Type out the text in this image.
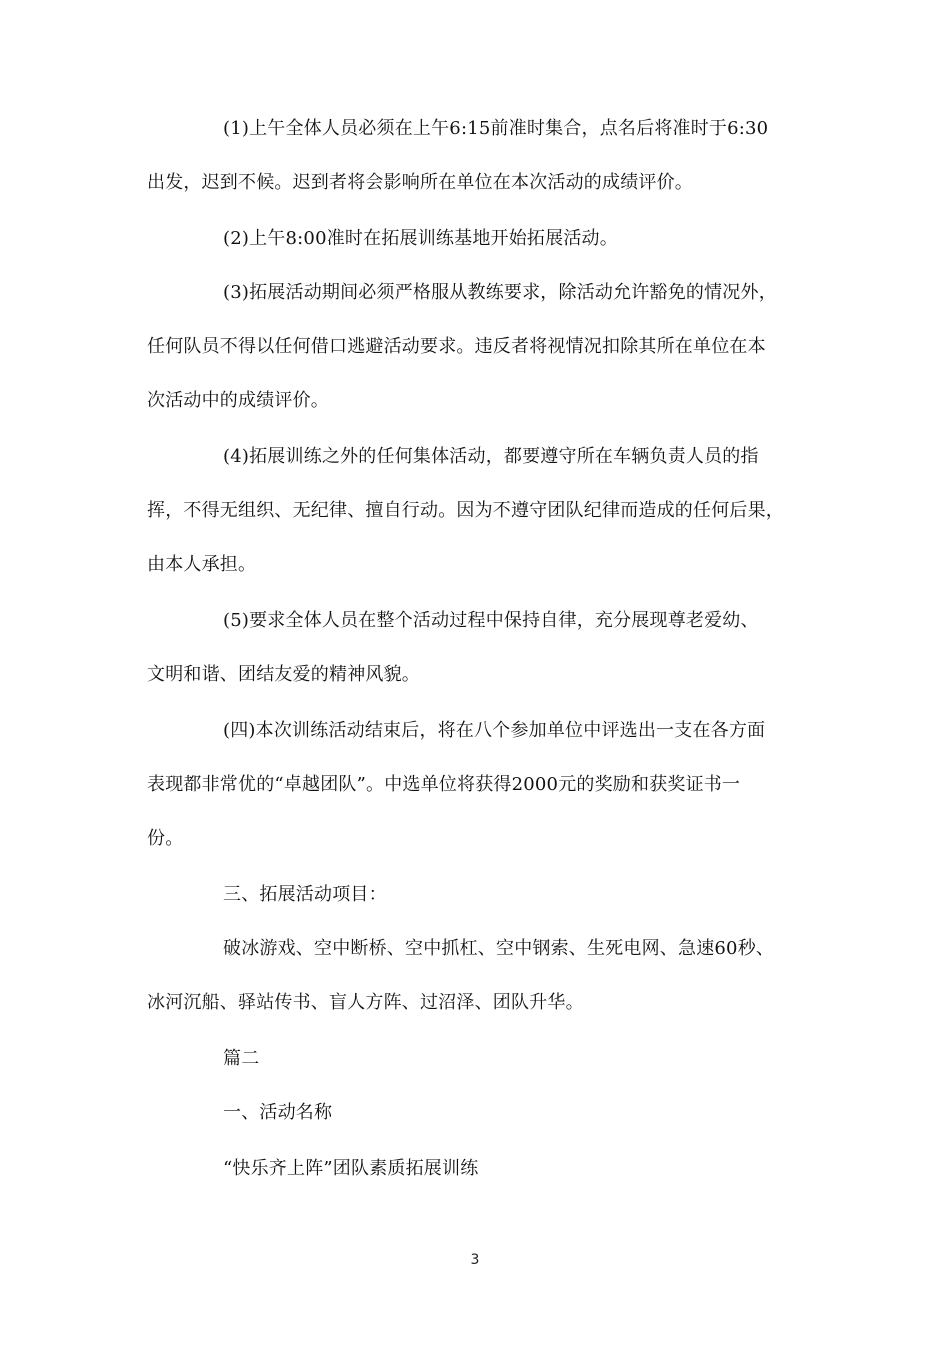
(1)上午全体人员必须在上午6:15前准时集合，点名后将准时于6:30
出发，迟到不候。迟到者将会影响所在单位在本次活动的成绩评价。
(2)上午8:00准时在拓展训练基地开始拓展活动。
(3)拓展活动期间必须严格服从教练要求，除活动允许豁免的情况外，
任何队员不得以任何借口逃避活动要求。违反者将视情况扣除其所在单位在本
次活动中的成绩评价。
(4)拓展训练之外的任何集体活动，都要遵守所在车辆负责人员的指
挥，不得无组织、无纪律、擅自行动。因为不遵守团队纪律而造成的任何后果，
由本人承担。
(5)要求全体人员在整个活动过程中保持自律，充分展现尊老爱幼、
文明和谐、团结友爱的精神风貌。
(四)本次训练活动结束后，将在八个参加单位中评选出一支在各方面
表现都非常优的“卓越团队”。中选单位将获得2000元的奖励和获奖证书一
份。
三、拓展活动项目：
破冰游戏、空中断桥、空中抓杠、空中钢索、生死电网、急速60秒、
冰河沉船、驿站传书、盲人方阵、过沼泽、团队升华。
篇二
一、活动名称
“快乐齐上阵”团队素质拓展训练
3
